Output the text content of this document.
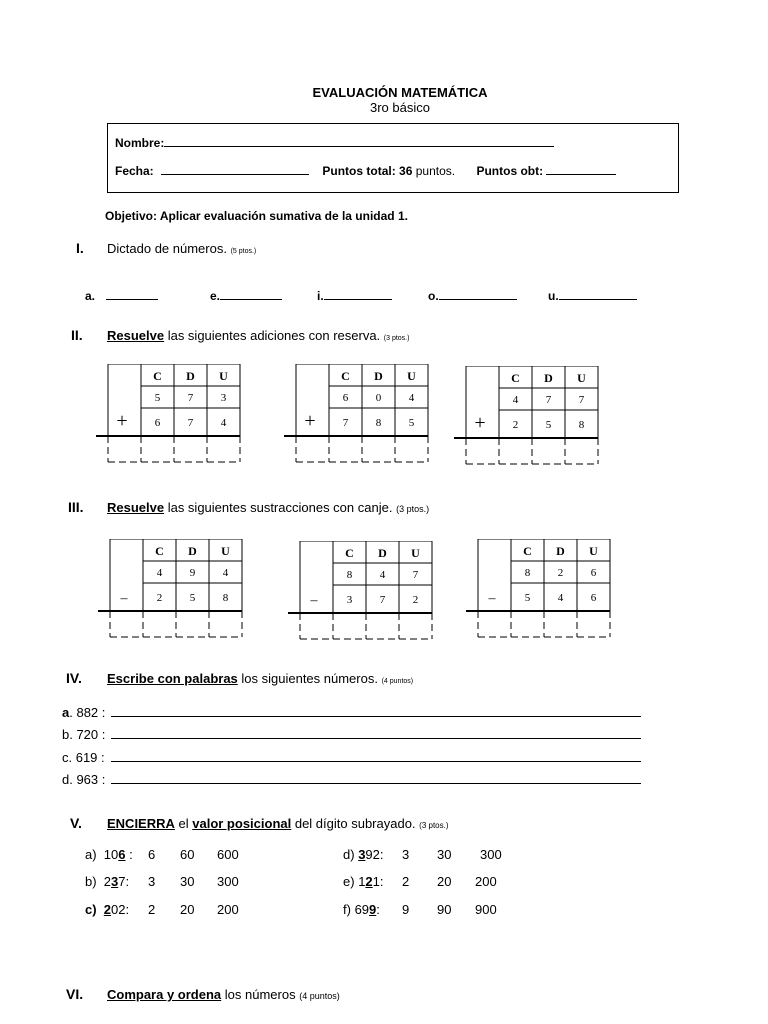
EVALUACIÓN MATEMÁTICA
3ro básico
Nombre:
Fecha:	Puntos total: 36 puntos. Puntos obt:
Objetivo: Aplicar evaluación sumativa de la unidad 1.
I. Dictado de números. (5 ptos.)
a.	e.	i.	o.	u.
II. Resuelve las siguientes adiciones con reserva. (3 ptos.)
C D U
5	7	3
6	7	4
+
C D U
6	0	4
7	8	5
+
C D U
4	7	7
2	5	8
+
III. Resuelve las siguientes sustracciones con canje. (3 ptos.)
C D U
4	9	4
2	5	8
–
C D U
8	4	7
3	7	2
–
C D U
8	2	6
5	4	6
–
IV. Escribe con palabras los siguientes números. (4 puntos)
a. 882 :
b. 720 :
c. 619 :
d. 963 :
V. ENCIERRA el valor posicional del dígito subrayado. (3 ptos.)
a) 106 : 6 60 600
b) 237: 3 30 300
c) 202: 2 20 200
d) 392: 3 30 300
e) 121: 2 20 200
f) 699: 9 90 900
VI. Compara y ordena los números (4 puntos)
